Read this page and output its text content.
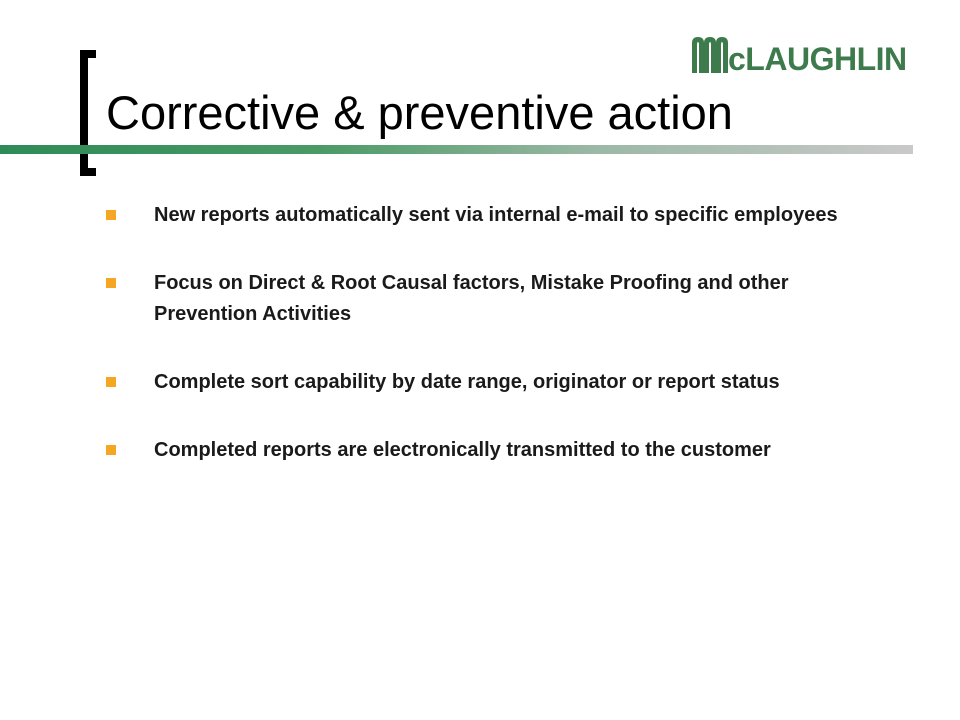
cLAUGHLIN
Corrective & preventive action
New reports automatically sent via internal e-mail to specific employees
Focus on Direct & Root Causal factors, Mistake Proofing and other Prevention Activities
Complete sort capability by date range, originator or report status
Completed reports are electronically transmitted to the customer
